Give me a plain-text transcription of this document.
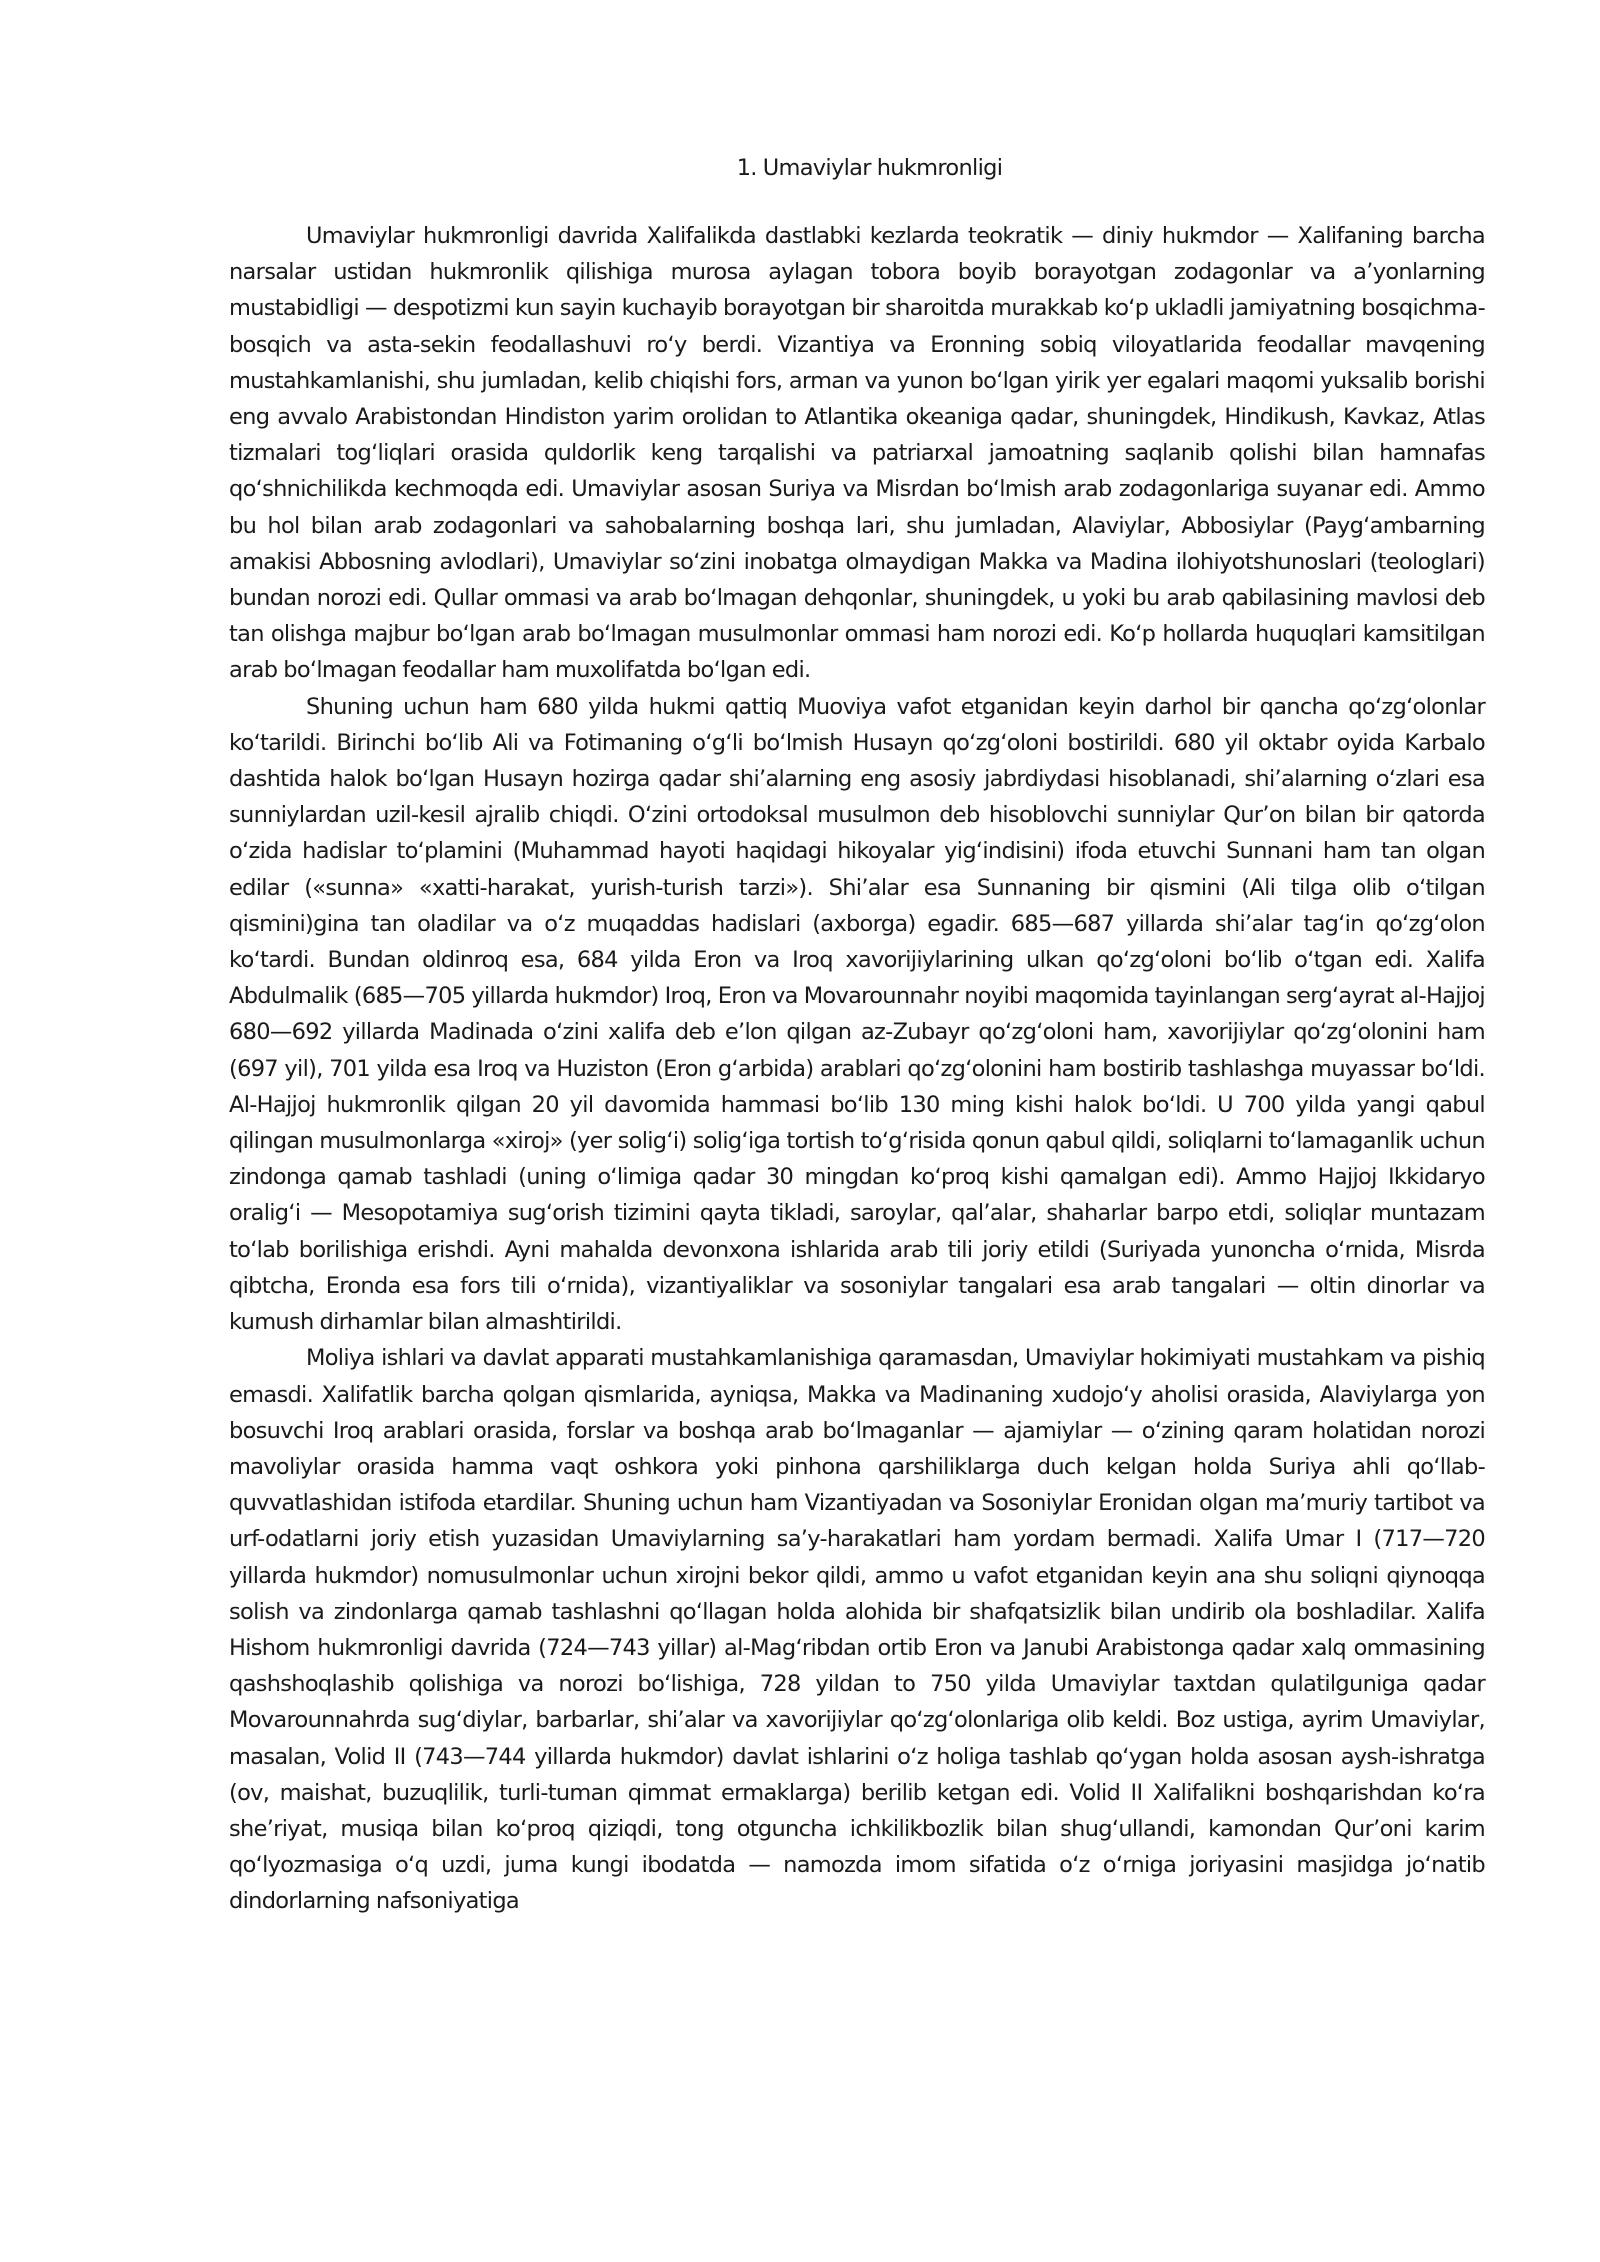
1. Umaviylar hukmronligi

Umaviylar hukmronligi davrida Xalifalikda dastlabki kezlarda teokratik — diniy hukmdor — Xalifaning barcha narsalar ustidan hukmronlik qilishiga murosa aylagan tobora boyib borayotgan zodagonlar va a’yonlarning mustabidligi — despotizmi kun sayin kuchayib borayotgan bir sharoitda murakkab koʻp ukladli jamiyatning bosqichma-bosqich va asta-sekin feodallashuvi roʻy berdi. Vizantiya va Eronning sobiq viloyatlarida feodallar mavqening mustahkamlanishi, shu jumladan, kelib chiqishi fors, arman va yunon boʻlgan yirik yer egalari maqomi yuksalib borishi eng avvalo Arabistondan Hindiston yarim orolidan to Atlantika okeaniga qadar, shuningdek, Hindikush, Kavkaz, Atlas tizmalari togʻliqlari orasida quldorlik keng tarqalishi va patriarxal jamoatning saqlanib qolishi bilan hamnafas qoʻshnichilikda kechmoqda edi. Umaviylar asosan Suriya va Misrdan boʻlmish arab zodagonlariga suyanar edi. Ammo bu hol bilan arab zodagonlari va sahobalarning boshqa lari, shu jumladan, Alaviylar, Abbosiylar (Paygʻambarning amakisi Abbosning avlodlari), Umaviylar soʻzini inobatga olmaydigan Makka va Madina ilohiyotshunoslari (teologlari) bundan norozi edi. Qullar ommasi va arab boʻlmagan dehqonlar, shuningdek, u yoki bu arab qabilasining mavlosi deb tan olishga majbur boʻlgan arab boʻlmagan musulmonlar ommasi ham norozi edi. Koʻp hollarda huquqlari kamsitilgan arab boʻlmagan feodallar ham muxolifatda boʻlgan edi.

Shuning uchun ham 680 yilda hukmi qattiq Muoviya vafot etganidan keyin darhol bir qancha qoʻzgʻolonlar koʻtarildi. Birinchi boʻlib Ali va Fotimaning oʻgʻli boʻlmish Husayn qoʻzgʻoloni bostirildi. 680 yil oktabr oyida Karbalo dashtida halok boʻlgan Husayn hozirga qadar shi’alarning eng asosiy jabrdiydasi hisoblanadi, shi’alarning oʻzlari esa sunniylardan uzil-kesil ajralib chiqdi. Oʻzini ortodoksal musulmon deb hisoblovchi sunniylar Qur’on bilan bir qatorda oʻzida hadislar toʻplamini (Muhammad hayoti haqidagi hikoyalar yigʻindisini) ifoda etuvchi Sunnani ham tan olgan edilar («sunna» «xatti-harakat, yurish-turish tarzi»). Shi’alar esa Sunnaning bir qismini (Ali tilga olib oʻtilgan qismini)gina tan oladilar va oʻz muqaddas hadislari (axborga) egadir. 685—687 yillarda shi’alar tagʻin qoʻzgʻolon koʻtardi. Bundan oldinroq esa, 684 yilda Eron va Iroq xavorijiylarining ulkan qoʻzgʻoloni boʻlib oʻtgan edi. Xalifa Abdulmalik (685—705 yillarda hukmdor) Iroq, Eron va Movarounnahr noyibi maqomida tayinlangan sergʻayrat al-Hajjoj 680—692 yillarda Madinada oʻzini xalifa deb e’lon qilgan az-Zubayr qoʻzgʻoloni ham, xavorijiylar qoʻzgʻolonini ham (697 yil), 701 yilda esa Iroq va Huziston (Eron gʻarbida) arablari qoʻzgʻolonini ham bostirib tashlashga muyassar boʻldi. Al-Hajjoj hukmronlik qilgan 20 yil davomida hammasi boʻlib 130 ming kishi halok boʻldi. U 700 yilda yangi qabul qilingan musulmonlarga «xiroj» (yer soligʻi) soligʻiga tortish toʻgʻrisida qonun qabul qildi, soliqlarni toʻlamaganlik uchun zindonga qamab tashladi (uning oʻlimiga qadar 30 mingdan koʻproq kishi qamalgan edi). Ammo Hajjoj Ikkidaryo oraligʻi — Mesopotamiya sugʻorish tizimini qayta tikladi, saroylar, qal’alar, shaharlar barpo etdi, soliqlar muntazam toʻlab borilishiga erishdi. Ayni mahalda devonxona ishlarida arab tili joriy etildi (Suriyada yunoncha oʻrnida, Misrda qibtcha, Eronda esa fors tili oʻrnida), vizantiyaliklar va sosoniylar tangalari esa arab tangalari — oltin dinorlar va kumush dirhamlar bilan almashtirildi.

Moliya ishlari va davlat apparati mustahkamlanishiga qaramasdan, Umaviylar hokimiyati mustahkam va pishiq emasdi. Xalifatlik barcha qolgan qismlarida, ayniqsa, Makka va Madinaning xudojoʻy aholisi orasida, Alaviylarga yon bosuvchi Iroq arablari orasida, forslar va boshqa arab boʻlmaganlar — ajamiylar — oʻzining qaram holatidan norozi mavoliylar orasida hamma vaqt oshkora yoki pinhona qarshiliklarga duch kelgan holda Suriya ahli qoʻllab-quvvatlashidan istifoda etardilar. Shuning uchun ham Vizantiyadan va Sosoniylar Eronidan olgan ma’muriy tartibot va urf-odatlarni joriy etish yuzasidan Umaviylarning sa’y-harakatlari ham yordam bermadi. Xalifa Umar I (717—720 yillarda hukmdor) nomusulmonlar uchun xirojni bekor qildi, ammo u vafot etganidan keyin ana shu soliqni qiynoqqa solish va zindonlarga qamab tashlashni qoʻllagan holda alohida bir shafqatsizlik bilan undirib ola boshladilar. Xalifa Hishom hukmronligi davrida (724—743 yillar) al-Magʻribdan ortib Eron va Janubi Arabistonga qadar xalq ommasining qashshoqlashib qolishiga va norozi boʻlishiga, 728 yildan to 750 yilda Umaviylar taxtdan qulatilguniga qadar Movarounnahrda sugʻdiylar, barbarlar, shi’alar va xavorijiylar qoʻzgʻolonlariga olib keldi. Boz ustiga, ayrim Umaviylar, masalan, Volid II (743—744 yillarda hukmdor) davlat ishlarini oʻz holiga tashlab qoʻygan holda asosan aysh-ishratga (ov, maishat, buzuqlilik, turli-tuman qimmat ermaklarga) berilib ketgan edi. Volid II Xalifalikni boshqarishdan koʻra she’riyat, musiqa bilan koʻproq qiziqdi, tong otguncha ichkilikbozlik bilan shugʻullandi, kamondan Qur’oni karim qoʻlyozmasiga oʻq uzdi, juma kungi ibodatda — namozda imom sifatida oʻz oʻrniga joriyasini masjidga joʻnatib dindorlarning nafsoniyatiga
